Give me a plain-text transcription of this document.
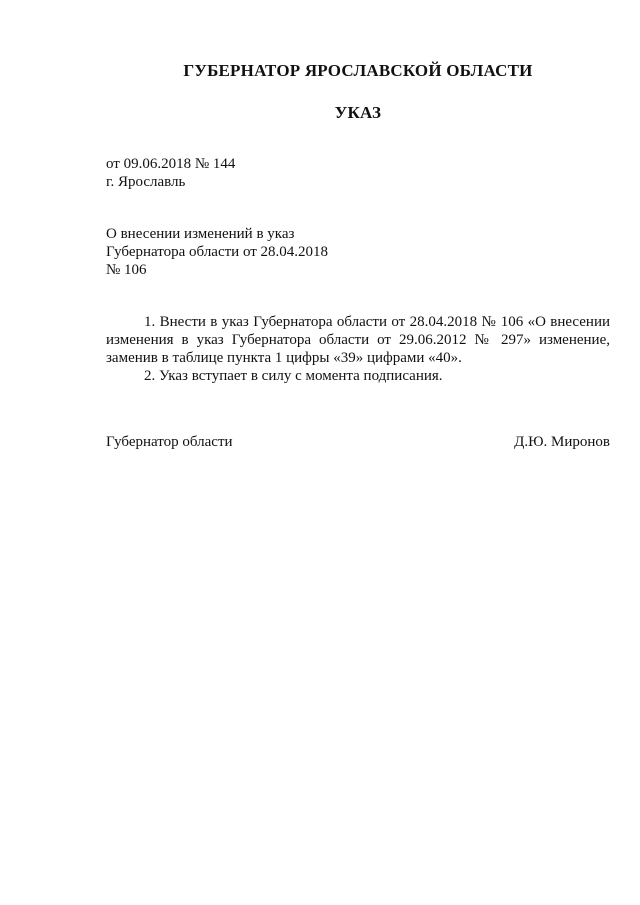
ГУБЕРНАТОР ЯРОСЛАВСКОЙ ОБЛАСТИ
УКАЗ
от 09.06.2018 № 144
г. Ярославль
О внесении изменений в указ
Губернатора области от 28.04.2018
№ 106
1. Внести в указ Губернатора области от 28.04.2018 № 106 «О внесении изменения в указ Губернатора области от 29.06.2012 № 297» изменение, заменив в таблице пункта 1 цифры «39» цифрами «40».
2. Указ вступает в силу с момента подписания.
Губернатор области	Д.Ю. Миронов
